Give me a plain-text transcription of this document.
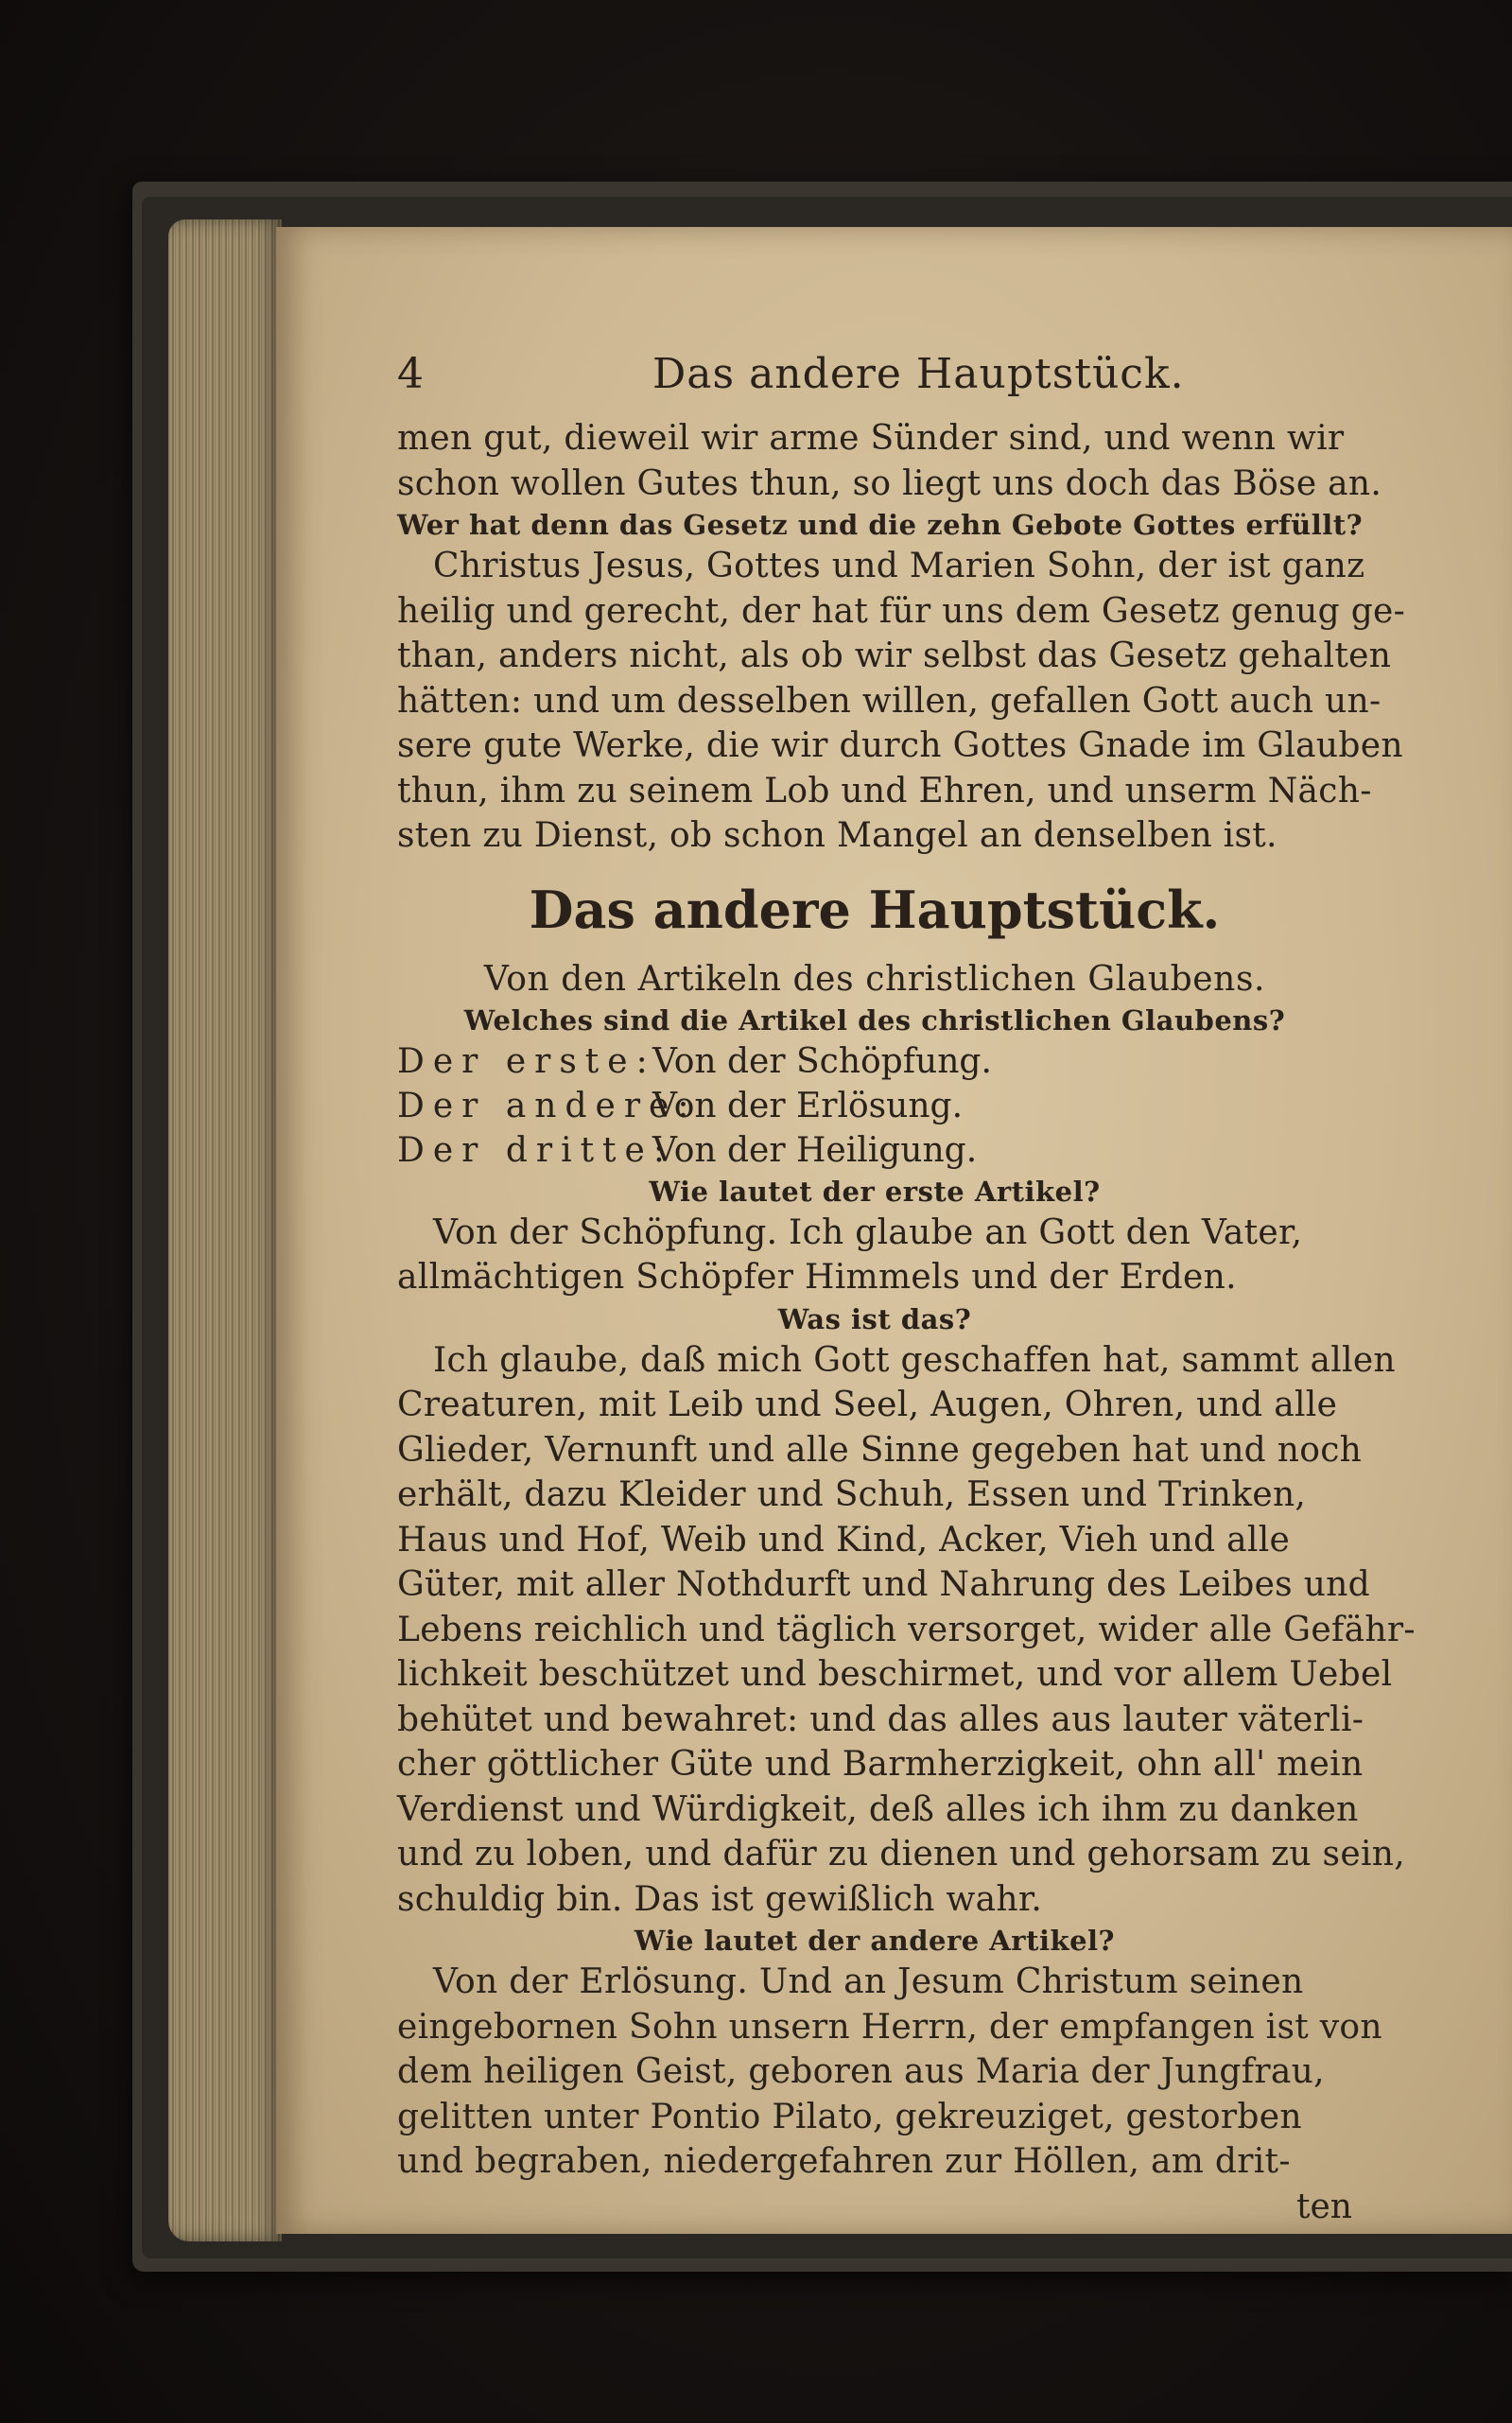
4	Das andere Hauptstück.
men gut, dieweil wir arme Sünder sind, und wenn wir
schon wollen Gutes thun, so liegt uns doch das Böse an.
Wer hat denn das Gesetz und die zehn Gebote Gottes erfüllt?
Christus Jesus, Gottes und Marien Sohn, der ist ganz
heilig und gerecht, der hat für uns dem Gesetz genug ge-
than, anders nicht, als ob wir selbst das Gesetz gehalten
hätten: und um desselben willen, gefallen Gott auch un-
sere gute Werke, die wir durch Gottes Gnade im Glauben
thun, ihm zu seinem Lob und Ehren, und unserm Näch-
sten zu Dienst, ob schon Mangel an denselben ist.
Das andere Hauptstück.
Von den Artikeln des christlichen Glaubens.
Welches sind die Artikel des christlichen Glaubens?
Der erste:Von der Schöpfung.
Der andere:Von der Erlösung.
Der dritte:Von der Heiligung.
Wie lautet der erste Artikel?
Von der Schöpfung. Ich glaube an Gott den Vater,
allmächtigen Schöpfer Himmels und der Erden.
Was ist das?
Ich glaube, daß mich Gott geschaffen hat, sammt allen
Creaturen, mit Leib und Seel, Augen, Ohren, und alle
Glieder, Vernunft und alle Sinne gegeben hat und noch
erhält, dazu Kleider und Schuh, Essen und Trinken,
Haus und Hof, Weib und Kind, Acker, Vieh und alle
Güter, mit aller Nothdurft und Nahrung des Leibes und
Lebens reichlich und täglich versorget, wider alle Gefähr-
lichkeit beschützet und beschirmet, und vor allem Uebel
behütet und bewahret: und das alles aus lauter väterli-
cher göttlicher Güte und Barmherzigkeit, ohn all' mein
Verdienst und Würdigkeit, deß alles ich ihm zu danken
und zu loben, und dafür zu dienen und gehorsam zu sein,
schuldig bin. Das ist gewißlich wahr.
Wie lautet der andere Artikel?
Von der Erlösung. Und an Jesum Christum seinen
eingebornen Sohn unsern Herrn, der empfangen ist von
dem heiligen Geist, geboren aus Maria der Jungfrau,
gelitten unter Pontio Pilato, gekreuziget, gestorben
und begraben, niedergefahren zur Höllen, am drit-
ten
